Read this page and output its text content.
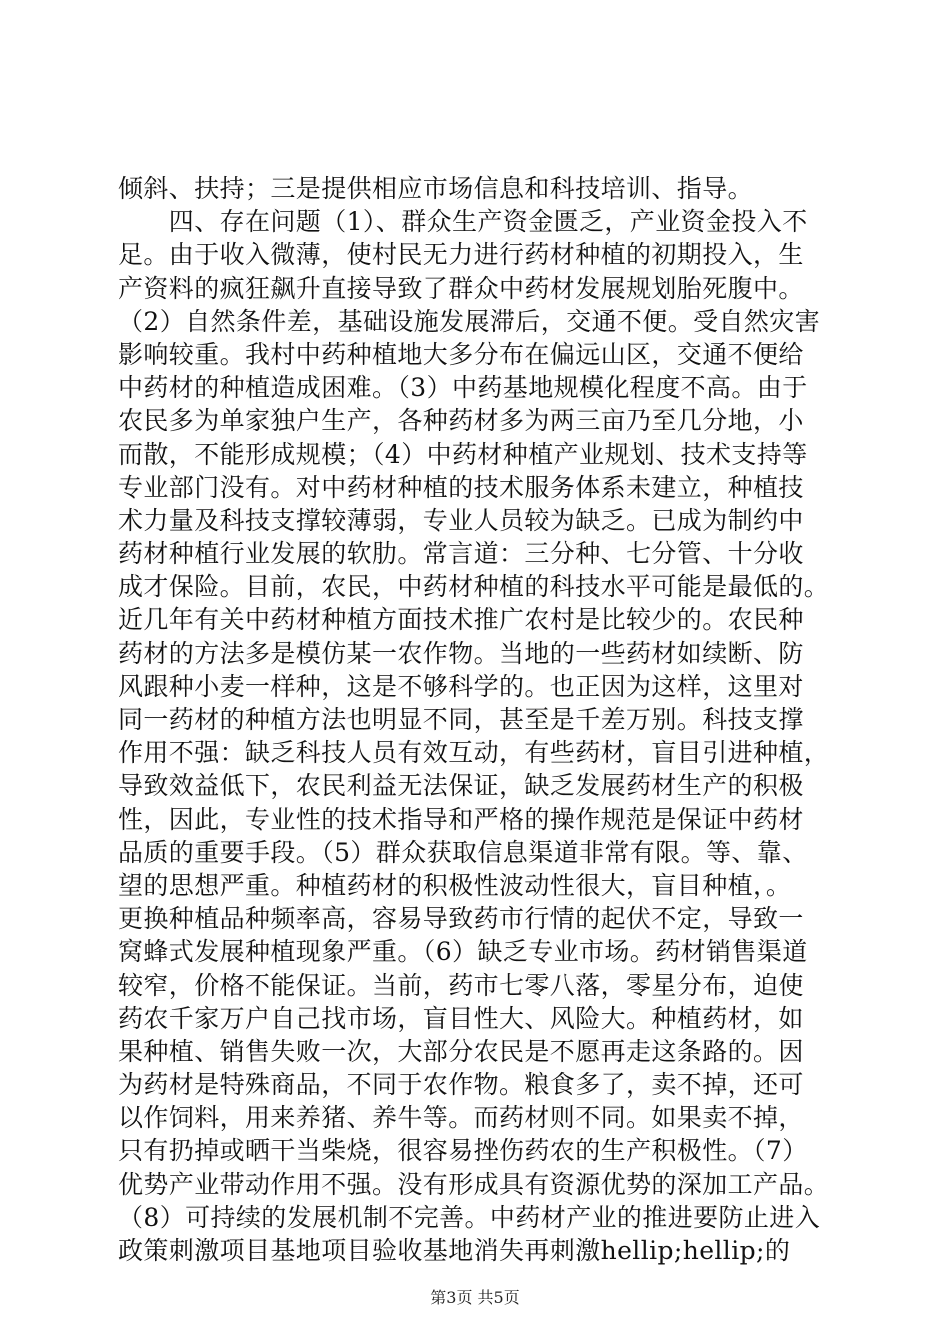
倾斜、扶持；三是提供相应市场信息和科技培训、指导。
　　四、存在问题（1）、群众生产资金匮乏，产业资金投入不
足。由于收入微薄，使村民无力进行药材种植的初期投入，生
产资料的疯狂飙升直接导致了群众中药材发展规划胎死腹中。
（2）自然条件差，基础设施发展滞后，交通不便。受自然灾害
影响较重。我村中药种植地大多分布在偏远山区，交通不便给
中药材的种植造成困难。（3）中药基地规模化程度不高。由于
农民多为单家独户生产，各种药材多为两三亩乃至几分地，小
而散，不能形成规模；（4）中药材种植产业规划、技术支持等
专业部门没有。对中药材种植的技术服务体系未建立，种植技
术力量及科技支撑较薄弱，专业人员较为缺乏。已成为制约中
药材种植行业发展的软肋。常言道：三分种、七分管、十分收
成才保险。目前，农民，中药材种植的科技水平可能是最低的。
近几年有关中药材种植方面技术推广农村是比较少的。农民种
药材的方法多是模仿某一农作物。当地的一些药材如续断、防
风跟种小麦一样种，这是不够科学的。也正因为这样，这里对
同一药材的种植方法也明显不同，甚至是千差万别。科技支撑
作用不强：缺乏科技人员有效互动，有些药材，盲目引进种植，
导致效益低下，农民利益无法保证，缺乏发展药材生产的积极
性，因此，专业性的技术指导和严格的操作规范是保证中药材
品质的重要手段。（5）群众获取信息渠道非常有限。等、靠、
望的思想严重。种植药材的积极性波动性很大，盲目种植，。
更换种植品种频率高，容易导致药市行情的起伏不定，导致一
窝蜂式发展种植现象严重。（6）缺乏专业市场。药材销售渠道
较窄，价格不能保证。当前，药市七零八落，零星分布，迫使
药农千家万户自己找市场，盲目性大、风险大。种植药材，如
果种植、销售失败一次，大部分农民是不愿再走这条路的。因
为药材是特殊商品，不同于农作物。粮食多了，卖不掉，还可
以作饲料，用来养猪、养牛等。而药材则不同。如果卖不掉，
只有扔掉或晒干当柴烧，很容易挫伤药农的生产积极性。（7）
优势产业带动作用不强。没有形成具有资源优势的深加工产品。
（8）可持续的发展机制不完善。中药材产业的推进要防止进入
政策刺激项目基地项目验收基地消失再刺激hellip;hellip;的
第3页 共5页
